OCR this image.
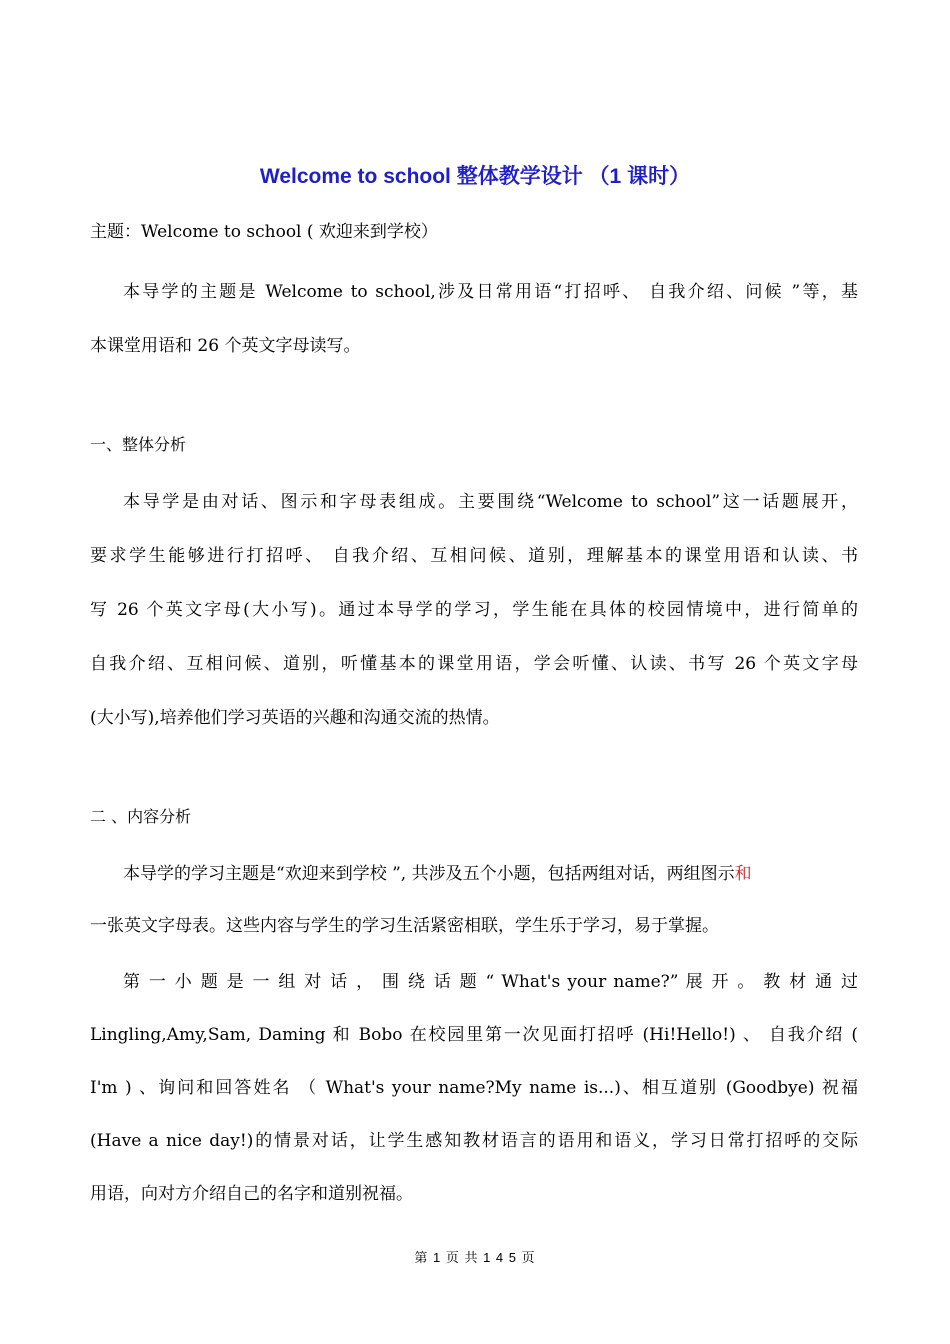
Welcome to school 整体教学设计 （1 课时）

主题：Welcome to school ( 欢迎来到学校）

本导学的主题是 Welcome to school,涉及日常用语“打招呼、 自我介绍、问候 ”等，基

本课堂用语和 26 个英文字母读写。

一、整体分析

本导学是由对话、图示和字母表组成。主要围绕“Welcome to school”这一话题展开，

要求学生能够进行打招呼、 自我介绍、互相问候、道别，理解基本的课堂用语和认读、书

写 26 个英文字母(大小写)。通过本导学的学习，学生能在具体的校园情境中，进行简单的

自我介绍、互相问候、道别，听懂基本的课堂用语，学会听懂、认读、书写 26 个英文字母

(大小写),培养他们学习英语的兴趣和沟通交流的热情。

二 、内容分析

本导学的学习主题是“欢迎来到学校 ”, 共涉及五个小题，包括两组对话，两组图示和

一张英文字母表。这些内容与学生的学习生活紧密相联，学生乐于学习，易于掌握。

第 一 小 题 是 一 组 对 话 ， 围 绕 话 题 “ What's your name?” 展 开 。 教 材 通 过

Lingling,Amy,Sam, Daming 和 Bobo 在校园里第一次见面打招呼 (Hi!Hello!) 、 自我介绍 (

I'm ) 、询问和回答姓名 （ What's your name?My name is...)、相互道别 (Goodbye) 祝福

(Have a nice day!)的情景对话，让学生感知教材语言的语用和语义，学习日常打招呼的交际

用语，向对方介绍自己的名字和道别祝福。

第 1 页 共 1 4 5 页
